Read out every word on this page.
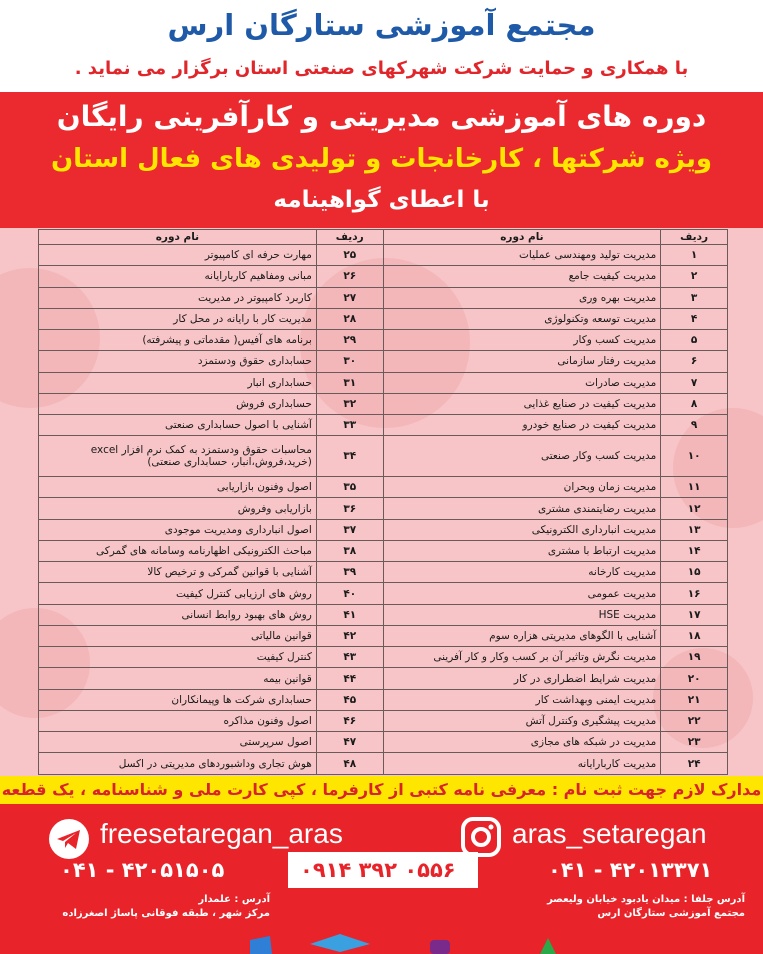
مجتمع آموزشی ستارگان ارس
با همکاری و حمایت شرکت شهرکهای صنعتی استان برگزار می نماید .
دوره های آموزشی مدیریتی و کارآفرینی رایگان
ویژه شرکتها ، کارخانجات و تولیدی های فعال استان
با اعطای گواهینامه
ردیف	نام دوره	ردیف	نام دوره
۱	مدیریت تولید ومهندسی عملیات	۲۵	مهارت حرفه ای کامپیوتر
۲	مدیریت کیفیت جامع	۲۶	مبانی ومفاهیم کاربارایانه
۳	مدیریت بهره وری	۲۷	کاربرد کامپیوتر در مدیریت
۴	مدیریت توسعه وتکنولوژی	۲۸	مدیریت کار با رایانه در محل کار
۵	مدیریت کسب وکار	۲۹	برنامه های آفیس( مقدماتی و پیشرفته)
۶	مدیریت رفتار سازمانی	۳۰	حسابداری حقوق ودستمزد
۷	مدیریت صادرات	۳۱	حسابداری انبار
۸	مدیریت کیفیت در صنایع غذایی	۳۲	حسابداری فروش
۹	مدیریت کیفیت در صنایع خودرو	۳۳	آشنایی با اصول حسابداری صنعتی
۱۰	مدیریت کسب وکار صنعتی	۳۴	محاسبات حقوق ودستمزد به کمک نرم افزار excel (خرید،فروش،انبار، حسابداری صنعتی)
۱۱	مدیریت زمان وبحران	۳۵	اصول وفنون بازاریابی
۱۲	مدیریت رضایتمندی مشتری	۳۶	بازاریابی وفروش
۱۳	مدیریت انبارداری الکترونیکی	۳۷	اصول انبارداری ومدیریت موجودی
۱۴	مدیریت ارتباط با مشتری	۳۸	مباحث الکترونیکی اظهارنامه وسامانه های گمرکی
۱۵	مدیریت کارخانه	۳۹	آشنایی با قوانین گمرکی و ترخیص کالا
۱۶	مدیریت عمومی	۴۰	روش های ارزیابی کنترل کیفیت
۱۷	مدیریت HSE	۴۱	روش های بهبود روابط انسانی
۱۸	آشنایی با الگوهای مدیریتی هزاره سوم	۴۲	قوانین مالیاتی
۱۹	مدیریت نگرش وتاثیر آن بر کسب وکار و کار آفرینی	۴۳	کنترل کیفیت
۲۰	مدیریت شرایط اضطراری در کار	۴۴	قوانین بیمه
۲۱	مدیریت ایمنی وبهداشت کار	۴۵	حسابداری شرکت ها وپیمانکاران
۲۲	مدیریت پیشگیری وکنترل آتش	۴۶	اصول وفنون مذاکره
۲۳	مدیریت در شبکه های مجازی	۴۷	اصول سرپرستی
۲۴	مدیریت کاربارایانه	۴۸	هوش تجاری وداشبوردهای مدیریتی در اکسل
مدارک لازم جهت ثبت نام : معرفی نامه کتبی از کارفرما ، کپی کارت ملی و شناسنامه ، یک قطعه
freesetaregan_aras	aras_setaregan
۰۴۱ - ۴۲۰۵۱۵۰۵	۰۹۱۴ ۳۹۲ ۰۵۵۶	۰۴۱ - ۴۲۰۱۳۳۷۱
آدرس : علمدار
مرکز شهر ، طبقه فوقانی پاساژ اصغرزاده
آدرس جلفا : میدان یادبود خیابان ولیعصر
مجتمع آموزشی ستارگان ارس
